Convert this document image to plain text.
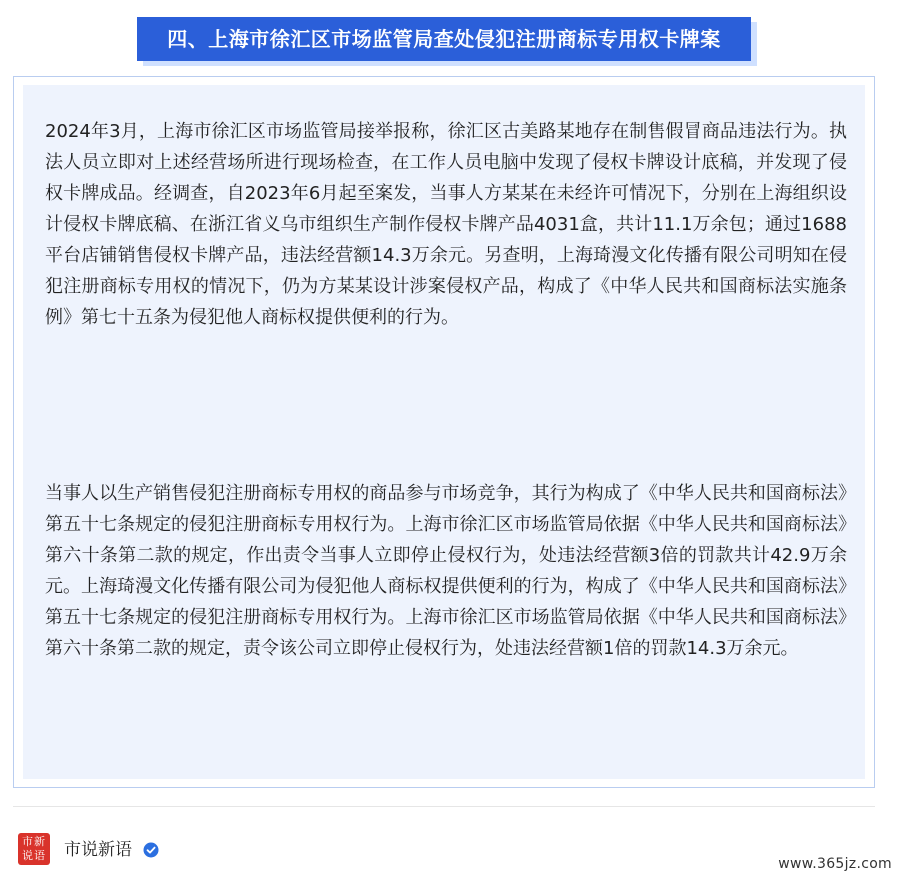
四、上海市徐汇区市场监管局查处侵犯注册商标专用权卡牌案

2024年3月，上海市徐汇区市场监管局接举报称，徐汇区古美路某地存在制售假冒商品违法行为。执法人员立即对上述经营场所进行现场检查，在工作人员电脑中发现了侵权卡牌设计底稿，并发现了侵权卡牌成品。经调查，自2023年6月起至案发，当事人方某某在未经许可情况下，分别在上海组织设计侵权卡牌底稿、在浙江省义乌市组织生产制作侵权卡牌产品4031盒，共计11.1万余包；通过1688平台店铺销售侵权卡牌产品，违法经营额14.3万余元。另查明，上海琦漫文化传播有限公司明知在侵犯注册商标专用权的情况下，仍为方某某设计涉案侵权产品，构成了《中华人民共和国商标法实施条例》第七十五条为侵犯他人商标权提供便利的行为。

当事人以生产销售侵犯注册商标专用权的商品参与市场竞争，其行为构成了《中华人民共和国商标法》第五十七条规定的侵犯注册商标专用权行为。上海市徐汇区市场监管局依据《中华人民共和国商标法》第六十条第二款的规定，作出责令当事人立即停止侵权行为，处违法经营额3倍的罚款共计42.9万余元。上海琦漫文化传播有限公司为侵犯他人商标权提供便利的行为，构成了《中华人民共和国商标法》第五十七条规定的侵犯注册商标专用权行为。上海市徐汇区市场监管局依据《中华人民共和国商标法》第六十条第二款的规定，责令该公司立即停止侵权行为，处违法经营额1倍的罚款14.3万余元。

市新说语 市说新语
www.365jz.com
